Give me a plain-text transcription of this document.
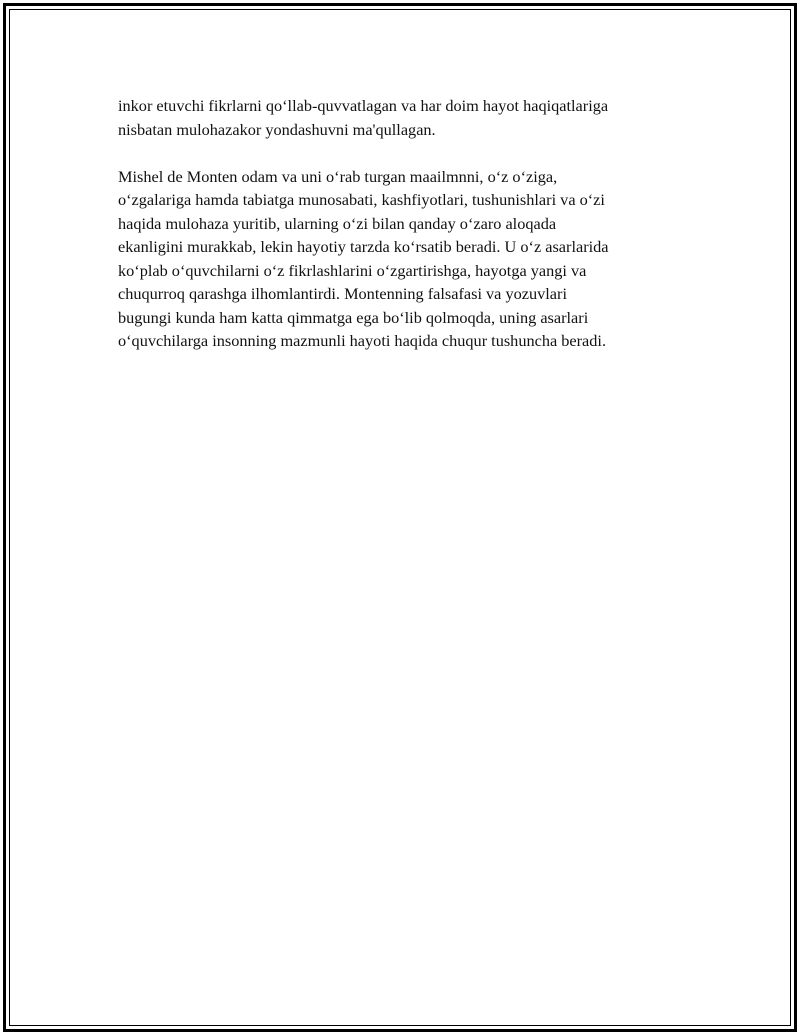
inkor etuvchi fikrlarni qo‘llab-quvvatlagan va har doim hayot haqiqatlariga
nisbatan mulohazakor yondashuvni ma'qullagan.

Mishel de Monten odam va uni o‘rab turgan maailmnni, o‘z o‘ziga,
o‘zgalariga hamda tabiatga munosabati, kashfiyotlari, tushunishlari va o‘zi
haqida mulohaza yuritib, ularning o‘zi bilan qanday o‘zaro aloqada
ekanligini murakkab, lekin hayotiy tarzda ko‘rsatib beradi. U o‘z asarlarida
ko‘plab o‘quvchilarni o‘z fikrlashlarini o‘zgartirishga, hayotga yangi va
chuqurroq qarashga ilhomlantirdi. Montenning falsafasi va yozuvlari
bugungi kunda ham katta qimmatga ega bo‘lib qolmoqda, uning asarlari
o‘quvchilarga insonning mazmunli hayoti haqida chuqur tushuncha beradi.
